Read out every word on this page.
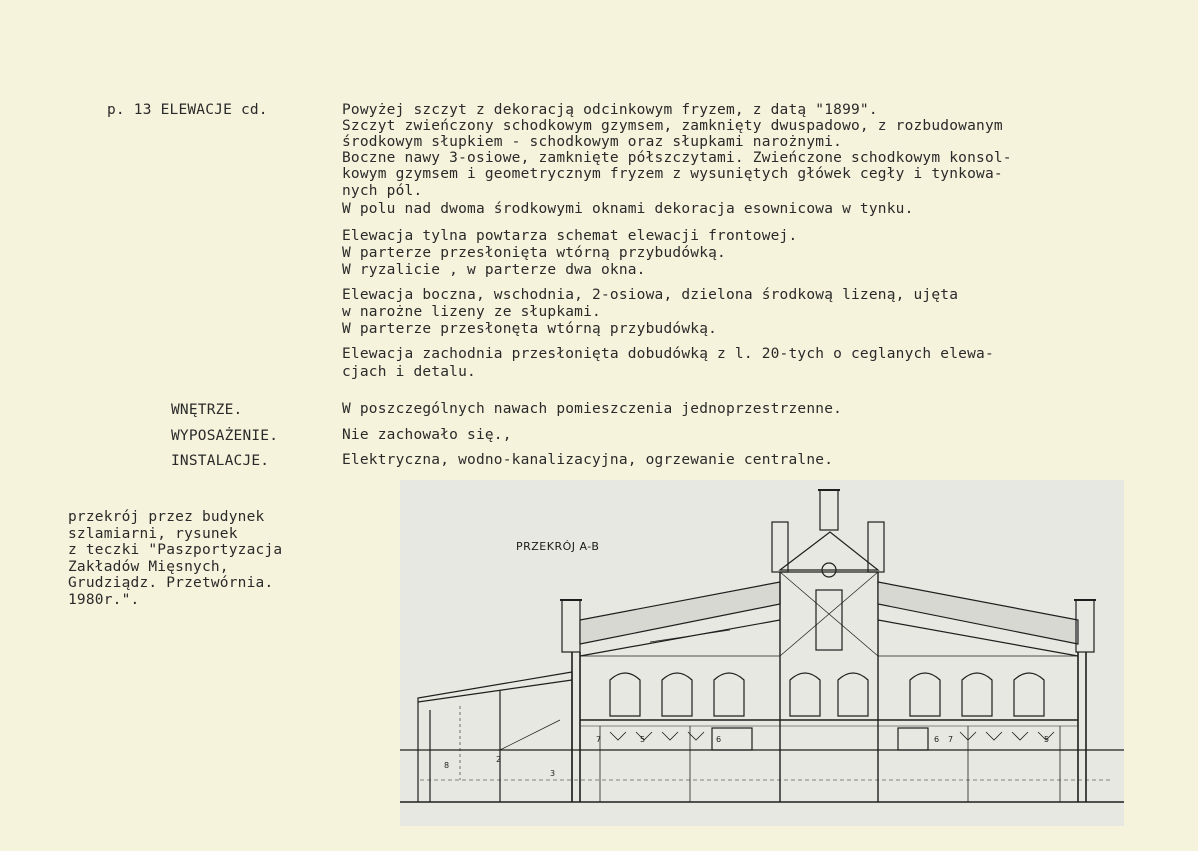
p. 13 ELEWACJE cd.	Powyżej szczyt z dekoracją odcinkowym fryzem, z datą "1899".
Szczyt zwieńczony schodkowym gzymsem, zamknięty dwuspadowo, z rozbudowanym
środkowym słupkiem - schodkowym oraz słupkami narożnymi.
Boczne nawy 3-osiowe, zamknięte półszczytami. Zwieńczone schodkowym konsol-
kowym gzymsem i geometrycznym fryzem z wysuniętych główek cegły i tynkowa-
nych pól.
W polu nad dwoma środkowymi oknami dekoracja esownicowa w tynku.
Elewacja tylna powtarza schemat elewacji frontowej.
W parterze przesłonięta wtórną przybudówką.
W ryzalicie , w parterze dwa okna.
Elewacja boczna, wschodnia, 2-osiowa, dzielona środkową lizeną, ujęta
w narożne lizeny ze słupkami.
W parterze przesłonęta wtórną przybudówką.
Elewacja zachodnia przesłonięta dobudówką z l. 20-tych o ceglanych elewa-
cjach i detalu.
WNĘTRZE.	W poszczególnych nawach pomieszczenia jednoprzestrzenne.
WYPOSAŻENIE.	Nie zachowało się.,
INSTALACJE.	Elektryczna, wodno-kanalizacyjna, ogrzewanie centralne.
przekrój przez budynek
szlamiarni, rysunek
z teczki "Paszportyzacja
Zakładów Mięsnych,
Grudziądz. Przetwórnia.
1980r.".
PRZEKRÓJ A-B
7	5	6	6 7	5
2
3
8
